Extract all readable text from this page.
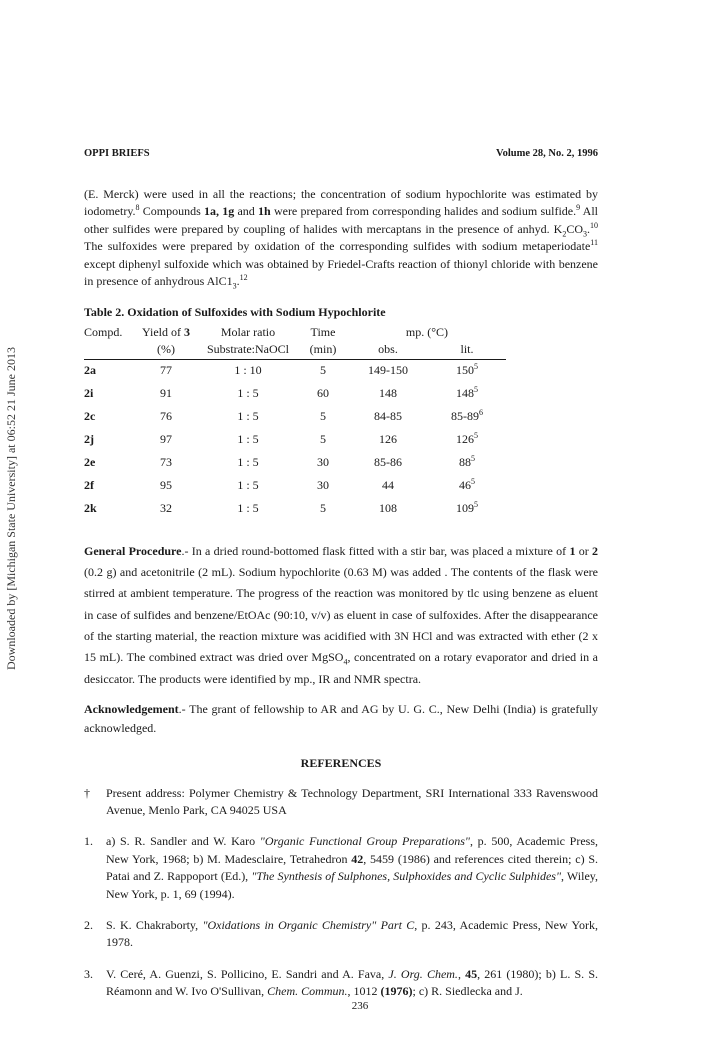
Downloaded by [Michigan State University] at 06:52 21 June 2013
OPPI BRIEFS	Volume 28, No. 2, 1996

(E. Merck) were used in all the reactions; the concentration of sodium hypochlorite was estimated by iodometry.$^8$ Compounds 1a, 1g and 1h were prepared from corresponding halides and sodium sulfide.$^9$ All other sulfides were prepared by coupling of halides with mercaptans in the presence of anhyd. $K_2CO_3.^{10}$ The sulfoxides were prepared by oxidation of the corresponding sulfides with sodium metaperiodate$^{11}$ except diphenyl sulfoxide which was obtained by Friedel-Crafts reaction of thionyl chloride with benzene in presence of anhydrous $AlC1_3.^{12}$

Table 2. Oxidation of Sulfoxides with Sodium Hypochlorite
Compd.	Yield of 3	Molar ratio	Time	mp. (°C)	
	(%)	Substrate:NaOCl	(min)	obs.	lit.
2a	77	1 : 10	5	149-150	$150^5$
2i	91	1 : 5	60	148	$148^5$
2c	76	1 : 5	5	84-85	$85-89^6$
2j	97	1 : 5	5	126	$126^5$
2e	73	1 : 5	30	85-86	$88^5$
2f	95	1 : 5	30	44	$46^5$
2k	32	1 : 5	5	108	$109^5$

General Procedure.- In a dried round-bottomed flask fitted with a stir bar, was placed a mixture of 1 or 2 (0.2 g) and acetonitrile (2 mL). Sodium hypochlorite (0.63 M) was added . The contents of the flask were stirred at ambient temperature. The progress of the reaction was monitored by tlc using benzene as eluent in case of sulfides and benzene/EtOAc (90:10, v/v) as eluent in case of sulfoxides. After the disappearance of the starting material, the reaction mixture was acidified with 3N HCl and was extracted with ether (2 x 15 mL). The combined extract was dried over MgSO$_4$, concentrated on a rotary evaporator and dried in a desiccator. The products were identified by mp., IR and NMR spectra.

Acknowledgement.- The grant of fellowship to AR and AG by U. G. C., New Delhi (India) is gratefully acknowledged.

REFERENCES

†	Present address: Polymer Chemistry & Technology Department, SRI International 333 Ravenswood Avenue, Menlo Park, CA 94025 USA
1.	a) S. R. Sandler and W. Karo "Organic Functional Group Preparations", p. 500, Academic Press, New York, 1968; b) M. Madesclaire, Tetrahedron 42, 5459 (1986) and references cited therein; c) S. Patai and Z. Rappoport (Ed.), "The Synthesis of Sulphones, Sulphoxides and Cyclic Sulphides", Wiley, New York, p. 1, 69 (1994).
2.	S. K. Chakraborty, "Oxidations in Organic Chemistry" Part C, p. 243, Academic Press, New York, 1978.
3.	V. Ceré, A. Guenzi, S. Pollicino, E. Sandri and A. Fava, J. Org. Chem., 45, 261 (1980); b) L. S. S. Réamonn and W. Ivo O'Sullivan, Chem. Commun., 1012 (1976); c) R. Siedlecka and J.
236
